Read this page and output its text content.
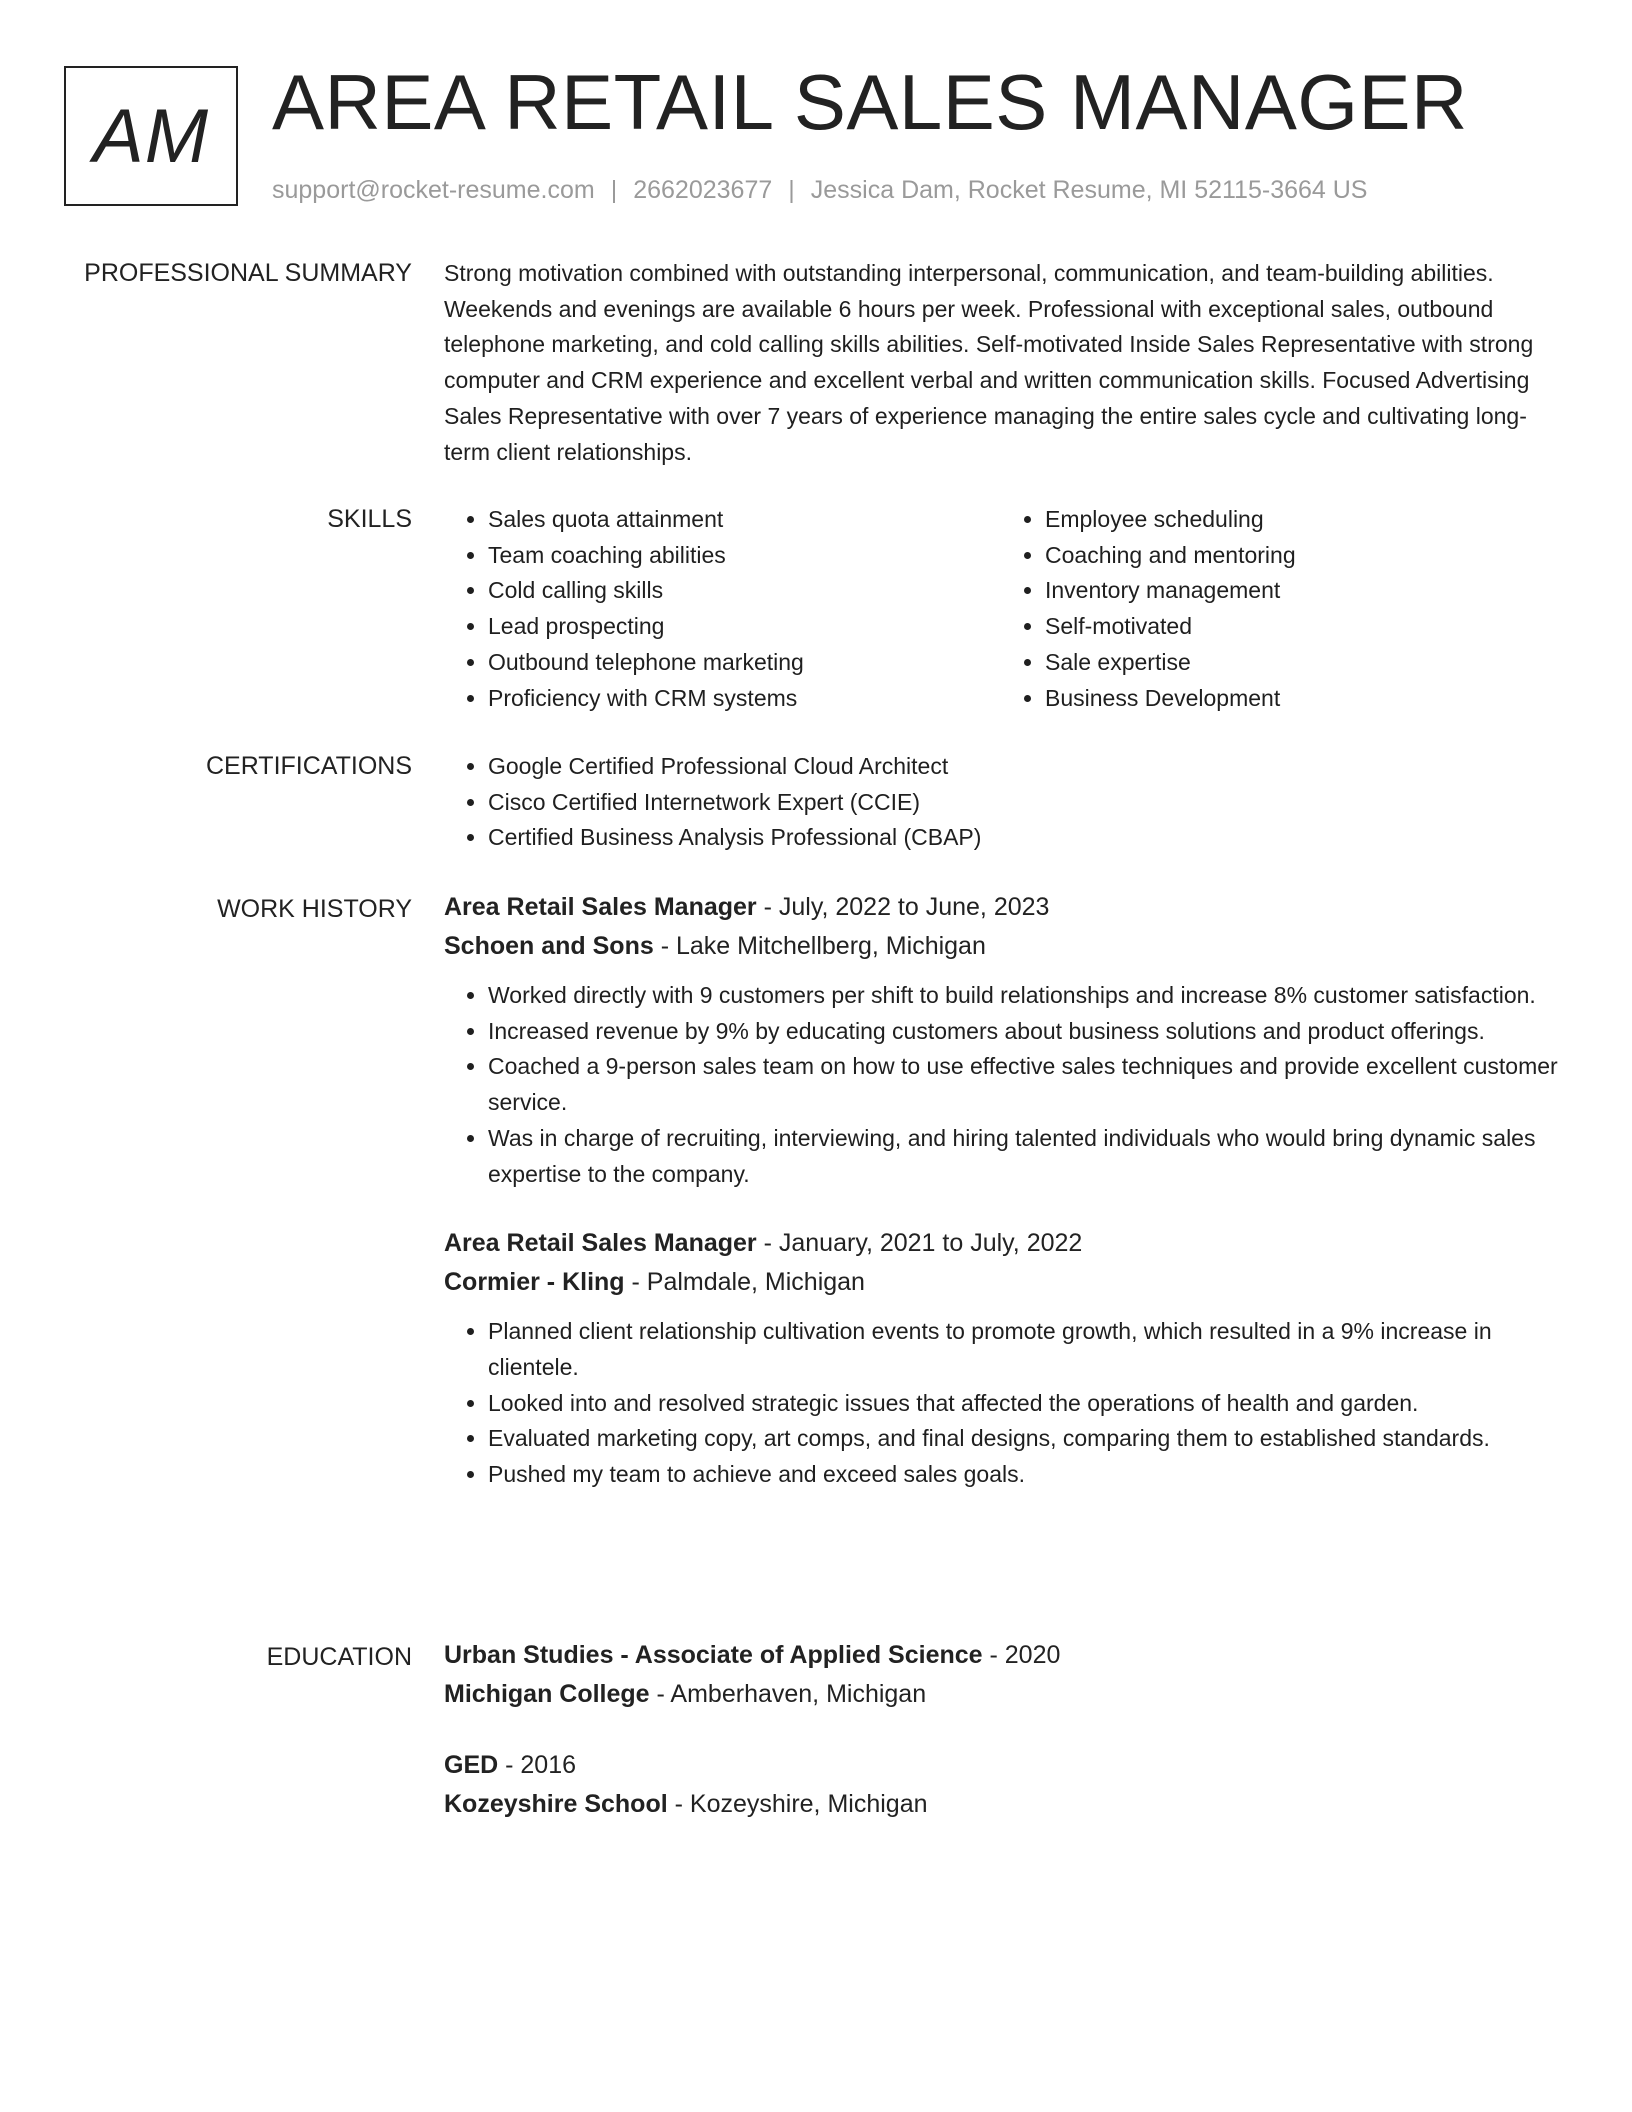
AM AREA RETAIL SALES MANAGER
support@rocket-resume.com | 2662023677 | Jessica Dam, Rocket Resume, MI 52115-3664 US
PROFESSIONAL SUMMARY Strong motivation combined with outstanding interpersonal, communication, and team-building abilities. Weekends and evenings are available 6 hours per week. Professional with exceptional sales, outbound telephone marketing, and cold calling skills abilities. Self-motivated Inside Sales Representative with strong computer and CRM experience and excellent verbal and written communication skills. Focused Advertising Sales Representative with over 7 years of experience managing the entire sales cycle and cultivating long-term client relationships.
SKILLS	• Sales quota attainment
• Team coaching abilities
• Cold calling skills
• Lead prospecting
• Outbound telephone marketing
• Proficiency with CRM systems
• Employee scheduling
• Coaching and mentoring
• Inventory management
• Self-motivated
• Sale expertise
• Business Development
CERTIFICATIONS	• Google Certified Professional Cloud Architect
• Cisco Certified Internetwork Expert (CCIE)
• Certified Business Analysis Professional (CBAP)
WORK HISTORY Area Retail Sales Manager - July, 2022 to June, 2023
Schoen and Sons - Lake Mitchellberg, Michigan
• Worked directly with 9 customers per shift to build relationships and increase 8% customer satisfaction.
• Increased revenue by 9% by educating customers about business solutions and product offerings.
• Coached a 9-person sales team on how to use effective sales techniques and provide excellent customer service.
• Was in charge of recruiting, interviewing, and hiring talented individuals who would bring dynamic sales expertise to the company.
Area Retail Sales Manager - January, 2021 to July, 2022
Cormier - Kling - Palmdale, Michigan
• Planned client relationship cultivation events to promote growth, which resulted in a 9% increase in clientele.
• Looked into and resolved strategic issues that affected the operations of health and garden.
• Evaluated marketing copy, art comps, and final designs, comparing them to established standards.
• Pushed my team to achieve and exceed sales goals.
EDUCATION Urban Studies - Associate of Applied Science - 2020
Michigan College - Amberhaven, Michigan
GED - 2016
Kozeyshire School - Kozeyshire, Michigan
